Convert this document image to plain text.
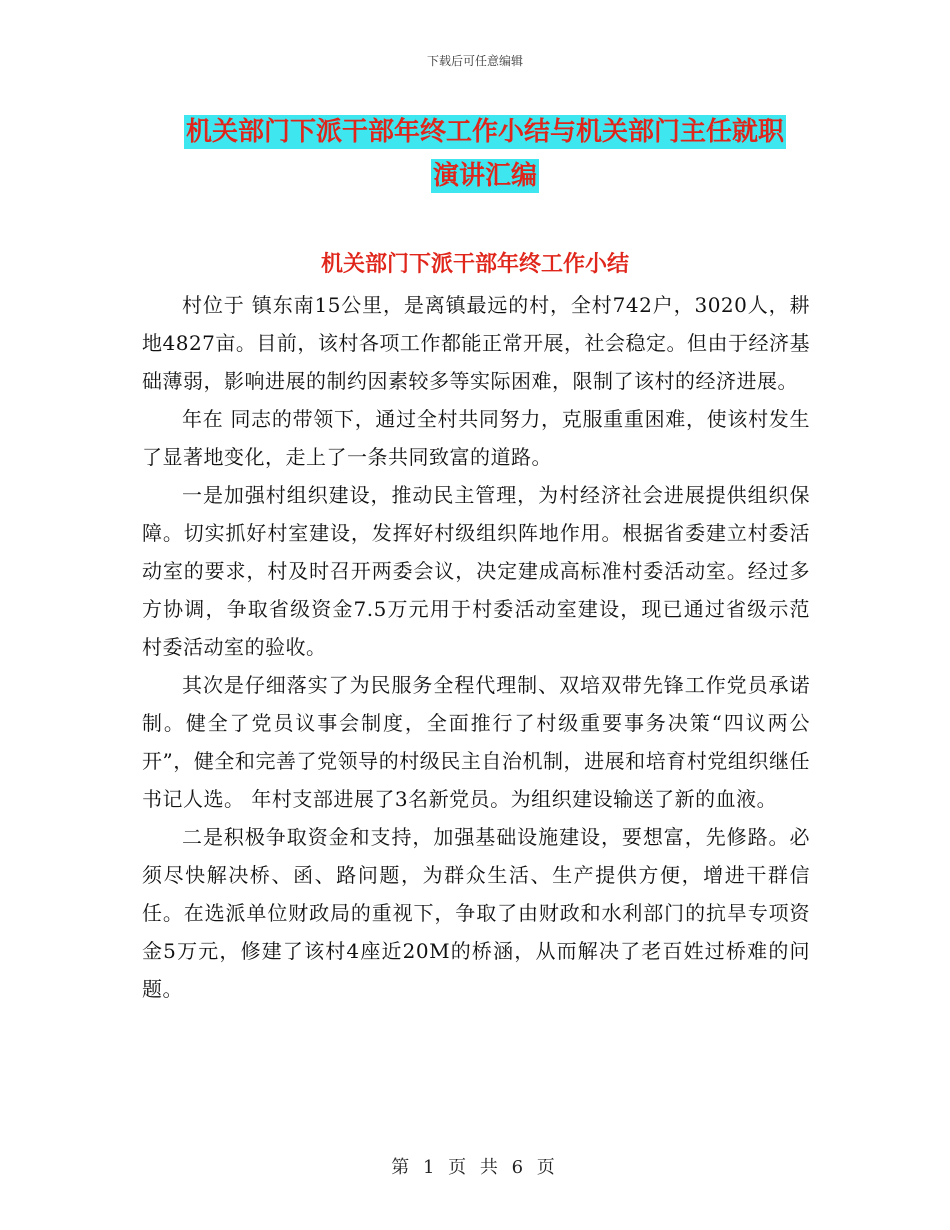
下载后可任意编辑
机关部门下派干部年终工作小结与机关部门主任就职
演讲汇编
机关部门下派干部年终工作小结

村位于 镇东南15公里，是离镇最远的村，全村742户，3020人，耕地4827亩。目前，该村各项工作都能正常开展，社会稳定。但由于经济基础薄弱，影响进展的制约因素较多等实际困难，限制了该村的经济进展。

年在 同志的带领下，通过全村共同努力，克服重重困难，使该村发生了显著地变化，走上了一条共同致富的道路。

一是加强村组织建设，推动民主管理，为村经济社会进展提供组织保障。切实抓好村室建设，发挥好村级组织阵地作用。根据省委建立村委活动室的要求，村及时召开两委会议，决定建成高标准村委活动室。经过多方协调，争取省级资金7.5万元用于村委活动室建设，现已通过省级示范村委活动室的验收。

其次是仔细落实了为民服务全程代理制、双培双带先锋工作党员承诺制。健全了党员议事会制度，全面推行了村级重要事务决策“四议两公开”，健全和完善了党领导的村级民主自治机制，进展和培育村党组织继任书记人选。 年村支部进展了3名新党员。为组织建设输送了新的血液。

二是积极争取资金和支持，加强基础设施建设，要想富，先修路。必须尽快解决桥、函、路问题，为群众生活、生产提供方便，增进干群信任。在选派单位财政局的重视下，争取了由财政和水利部门的抗旱专项资金5万元，修建了该村4座近20M的桥涵，从而解决了老百姓过桥难的问题。

第 1 页 共 6 页
